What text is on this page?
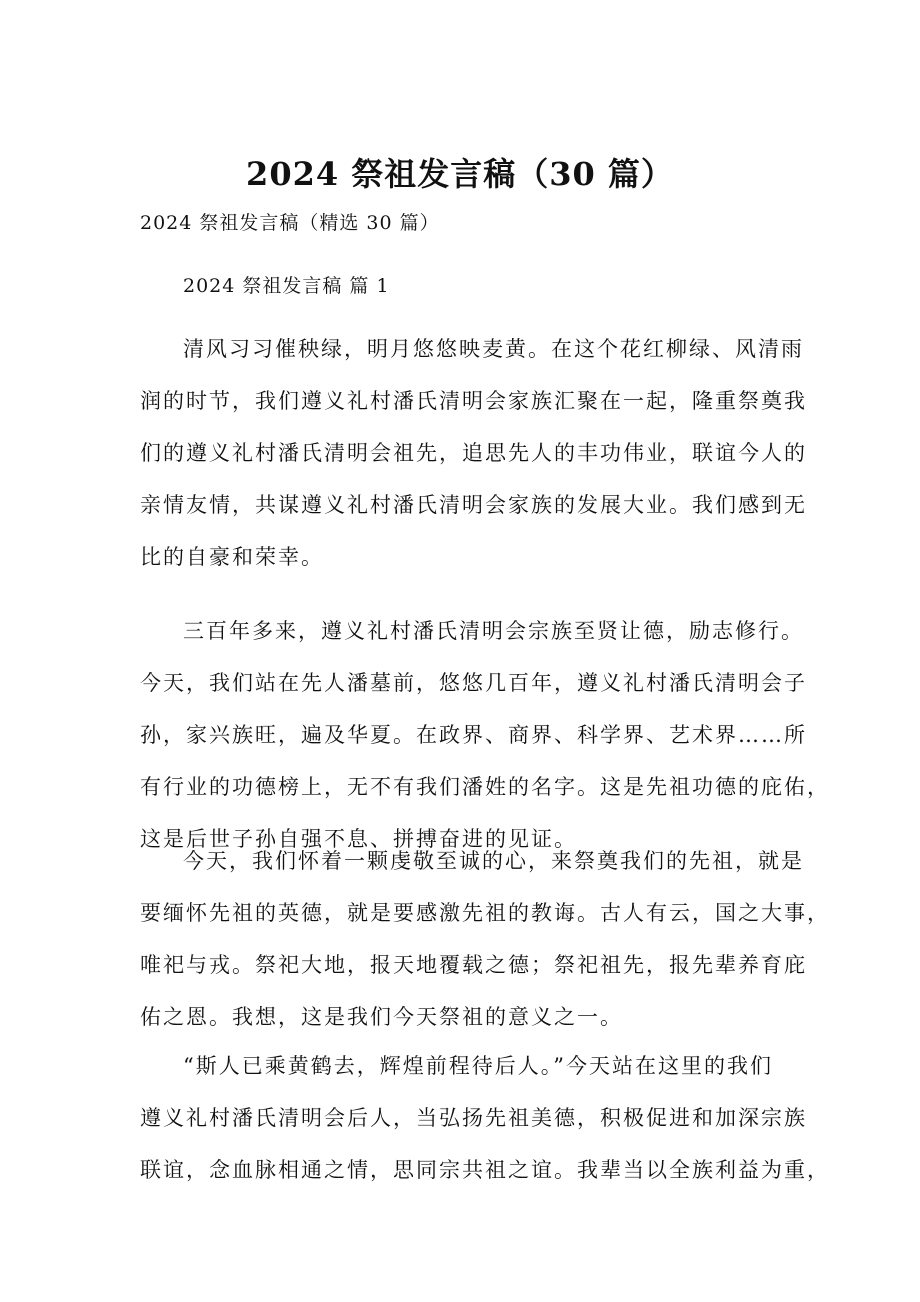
2024 祭祖发言稿（30 篇）
2024 祭祖发言稿（精选 30 篇）
2024 祭祖发言稿 篇 1
清风习习催秧绿，明月悠悠映麦黄。在这个花红柳绿、风清雨
润的时节，我们遵义礼村潘氏清明会家族汇聚在一起，隆重祭奠我
们的遵义礼村潘氏清明会祖先，追思先人的丰功伟业，联谊今人的
亲情友情，共谋遵义礼村潘氏清明会家族的发展大业。我们感到无
比的自豪和荣幸。
三百年多来，遵义礼村潘氏清明会宗族至贤让德，励志修行。
今天，我们站在先人潘墓前，悠悠几百年，遵义礼村潘氏清明会子
孙，家兴族旺，遍及华夏。在政界、商界、科学界、艺术界……所
有行业的功德榜上，无不有我们潘姓的名字。这是先祖功德的庇佑，
这是后世子孙自强不息、拼搏奋进的见证。
今天，我们怀着一颗虔敬至诚的心，来祭奠我们的先祖，就是
要缅怀先祖的英德，就是要感激先祖的教诲。古人有云，国之大事，
唯祀与戎。祭祀大地，报天地覆载之德；祭祀祖先，报先辈养育庇
佑之恩。我想，这是我们今天祭祖的意义之一。
“斯人已乘黄鹤去，辉煌前程待后人。”今天站在这里的我们
遵义礼村潘氏清明会后人，当弘扬先祖美德，积极促进和加深宗族
联谊，念血脉相通之情，思同宗共祖之谊。我辈当以全族利益为重，
